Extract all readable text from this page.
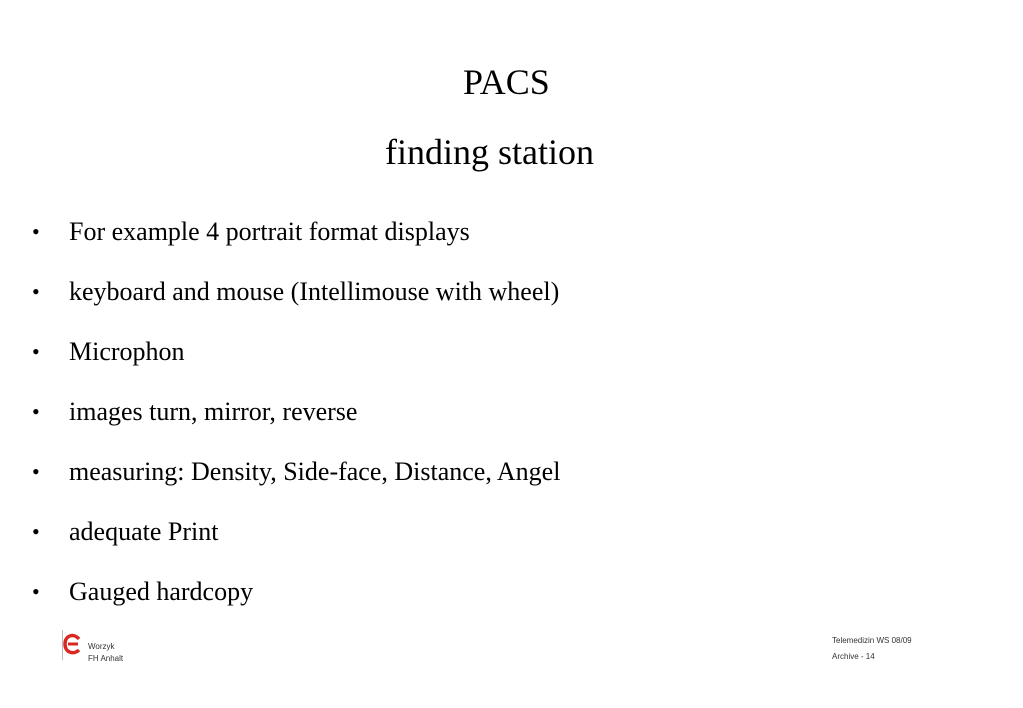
PACS
finding station
• For example 4 portrait format displays
• keyboard and mouse (Intellimouse with wheel)
• Microphon
• images turn, mirror, reverse
• measuring: Density, Side-face, Distance, Angel
• adequate Print
• Gauged hardcopy
Worzyk
FH Anhalt
Telemedizin WS 08/09
Archive - 14
